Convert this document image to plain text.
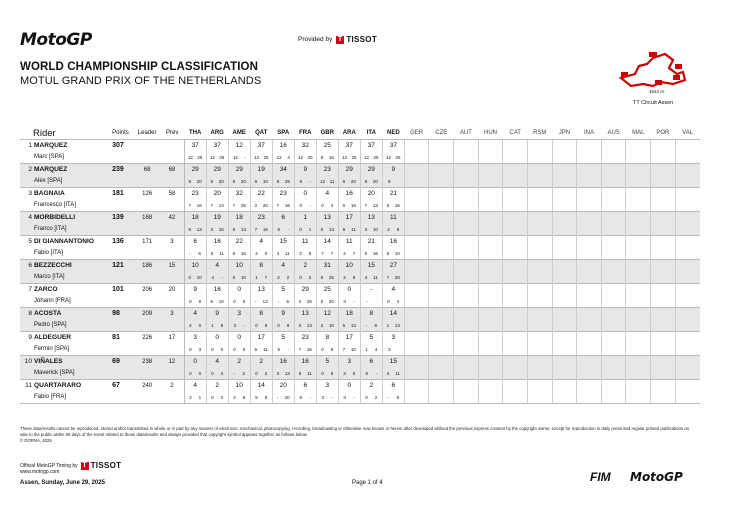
MotoGP	Provided by T TISSOT
WORLD CHAMPIONSHIP CLASSIFICATION
MOTUL GRAND PRIX OF THE NETHERLANDS
4542 m.
TT Circuit Assen
Rider	Points	Leader	Prev	THA	ARG	AME	QAT	SPA	FRA	GBR	ARA	ITA	NED	GER	CZE	AUT	HUN	CAT	RSM	JPN	INA	AUS	MAL	POR	VAL
1 MARQUEZ	307			37	37	12	37	16	32	25	37	37	37												
Marc [SPA]				12 25	12 25	12 -	12 25	12 4	12 20	9 16	12 25	12 25	12 25												

2 MARQUEZ	239	68	68	29	29	29	19	34	9	23	29	29	9												
Alex [SPA]				9 20	9 20	9 20	9 10	9 25	9 -	12 11	9 20	9 20	9												

3 BAGNAIA	181	126	58	23	20	32	22	23	0	4	16	20	21												
Francesco [ITA]				7 16	7 13	7 25	2 20	7 16	0 -	0 4	0 16	7 13	5 16												

4 MORBIDELLI	139	168	42	18	19	18	23	6	1	13	17	13	11												
Franco [ITA]				5 13	3 16	5 13	7 16	6 -	0 1	0 13	6 11	3 10	2 9												

5 DI GIANNANTONIO	136	171	3	6	16	22	4	15	11	14	11	21	16												
Fabio [ITA]				- 6	5 11	6 16	4 0	4 11	3 8	7 7	4 7	5 16	6 10												

6 BEZZECCHI	121	186	15	10	4	10	8	4	2	31	10	15	27												
Marco [ITA]				0 10	4 -	0 10	1 7	2 2	0 2	6 25	2 8	4 11	7 20												

7 ZARCO	101	206	20	9	16	0	13	5	29	25	0	-	4												
Johann [FRA]				0 9	6 10	0 0	- 13	- 5	4 25	5 20	0 -	-	0 4												

8 ACOSTA	98	209	3	4	9	3	8	9	13	12	18	8	14												
Pedro [SPA]				4 0	1 8	3 -	0 8	0 9	0 13	2 10	5 13	- 8	1 13												

9 ALDEGUER	81	226	17	3	0	0	17	5	23	8	17	5	3												
Fermin [SPA]				0 3	0 0	0 0	6 11	5 -	7 16	0 8	7 10	1 4	3												

10 VIÑALES	69	238	12	0	4	2	2	16	16	5	3	6	15												
Maverick [SPA]				0 0	0 4	- 2	0 2	3 13	5 11	0 5	3 0	6 -	4 11												

11 QUARTARARO	67	240	2	4	2	10	14	20	6	3	0	2	6												
Fabio [FRA]				3 1	0 2	4 6	5 9	- 20	6 -	3 -	0 -	0 2	- 6												

These data/results cannot be reproduced, stored and/or transmitted in whole or in part by any manner of electronic, mechanical, photocopying, recording, broadcasting or otherwise now known or herein after developed without the previous express consent by the copyright owner, except for reproduction in daily press and regular printed publications on sale to the public within 60 days of the event related to those data/results and always provided that copyright symbol appears together as follows below.
© DORNA, 2025
Official MotoGP Timing by T TISSOT
www.motogp.com
Assen, Sunday, June 29, 2025	Page 1 of 4	FIM MotoGP
